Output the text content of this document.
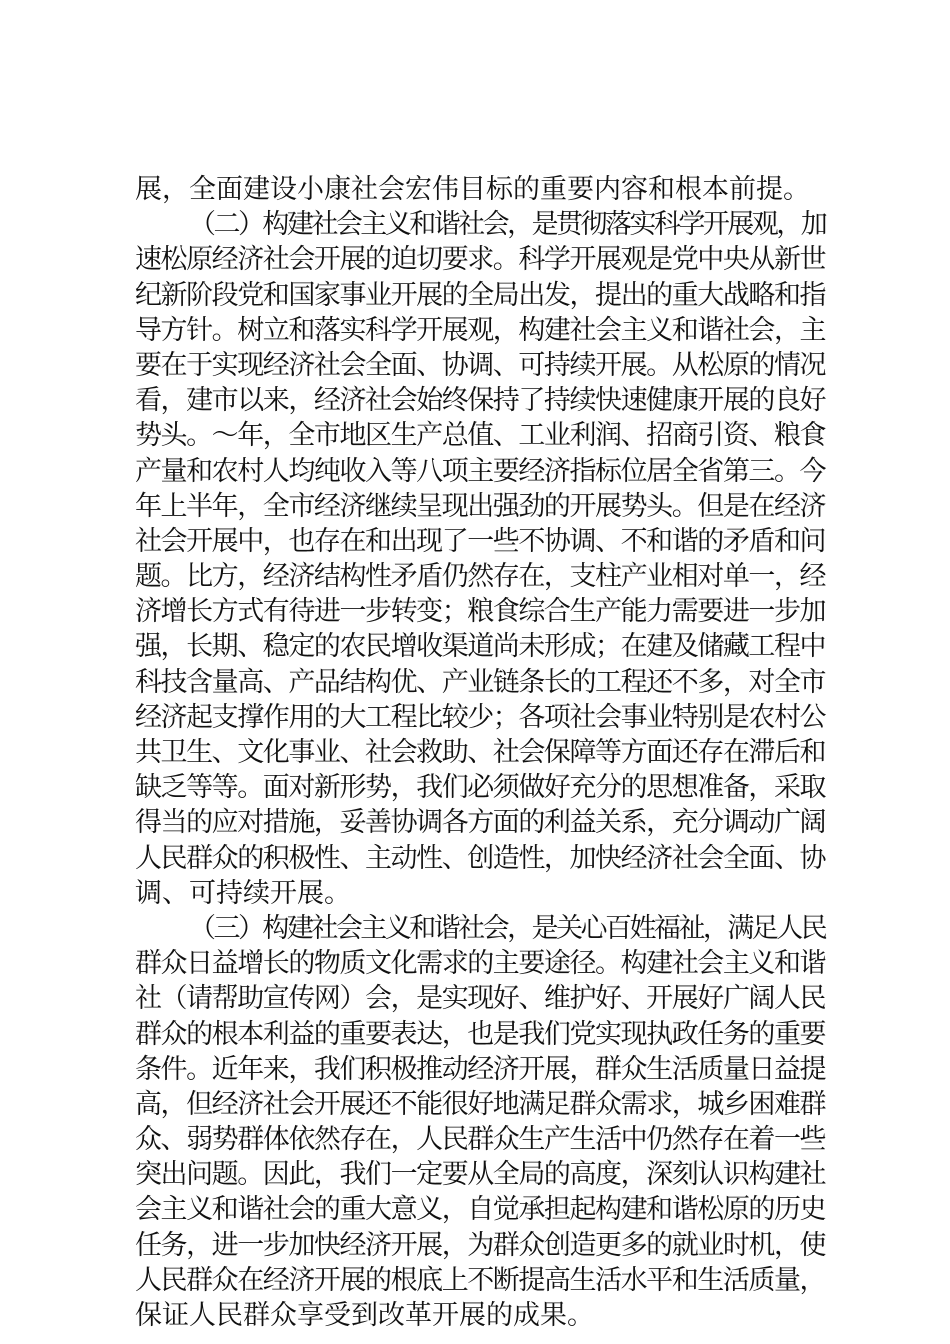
展，全面建设小康社会宏伟目标的重要内容和根本前提。
（二）构建社会主义和谐社会，是贯彻落实科学开展观，加
速松原经济社会开展的迫切要求。科学开展观是党中央从新世
纪新阶段党和国家事业开展的全局出发，提出的重大战略和指
导方针。树立和落实科学开展观，构建社会主义和谐社会，主
要在于实现经济社会全面、协调、可持续开展。从松原的情况
看，建市以来，经济社会始终保持了持续快速健康开展的良好
势头。～年，全市地区生产总值、工业利润、招商引资、粮食
产量和农村人均纯收入等八项主要经济指标位居全省第三。今
年上半年，全市经济继续呈现出强劲的开展势头。但是在经济
社会开展中，也存在和出现了一些不协调、不和谐的矛盾和问
题。比方，经济结构性矛盾仍然存在，支柱产业相对单一，经
济增长方式有待进一步转变；粮食综合生产能力需要进一步加
强，长期、稳定的农民增收渠道尚未形成；在建及储藏工程中
科技含量高、产品结构优、产业链条长的工程还不多，对全市
经济起支撑作用的大工程比较少；各项社会事业特别是农村公
共卫生、文化事业、社会救助、社会保障等方面还存在滞后和
缺乏等等。面对新形势，我们必须做好充分的思想准备，采取
得当的应对措施，妥善协调各方面的利益关系，充分调动广阔
人民群众的积极性、主动性、创造性，加快经济社会全面、协
调、可持续开展。
（三）构建社会主义和谐社会，是关心百姓福祉，满足人民
群众日益增长的物质文化需求的主要途径。构建社会主义和谐
社（请帮助宣传网）会，是实现好、维护好、开展好广阔人民
群众的根本利益的重要表达，也是我们党实现执政任务的重要
条件。近年来，我们积极推动经济开展，群众生活质量日益提
高，但经济社会开展还不能很好地满足群众需求，城乡困难群
众、弱势群体依然存在，人民群众生产生活中仍然存在着一些
突出问题。因此，我们一定要从全局的高度，深刻认识构建社
会主义和谐社会的重大意义，自觉承担起构建和谐松原的历史
任务，进一步加快经济开展，为群众创造更多的就业时机，使
人民群众在经济开展的根底上不断提高生活水平和生活质量，
保证人民群众享受到改革开展的成果。
